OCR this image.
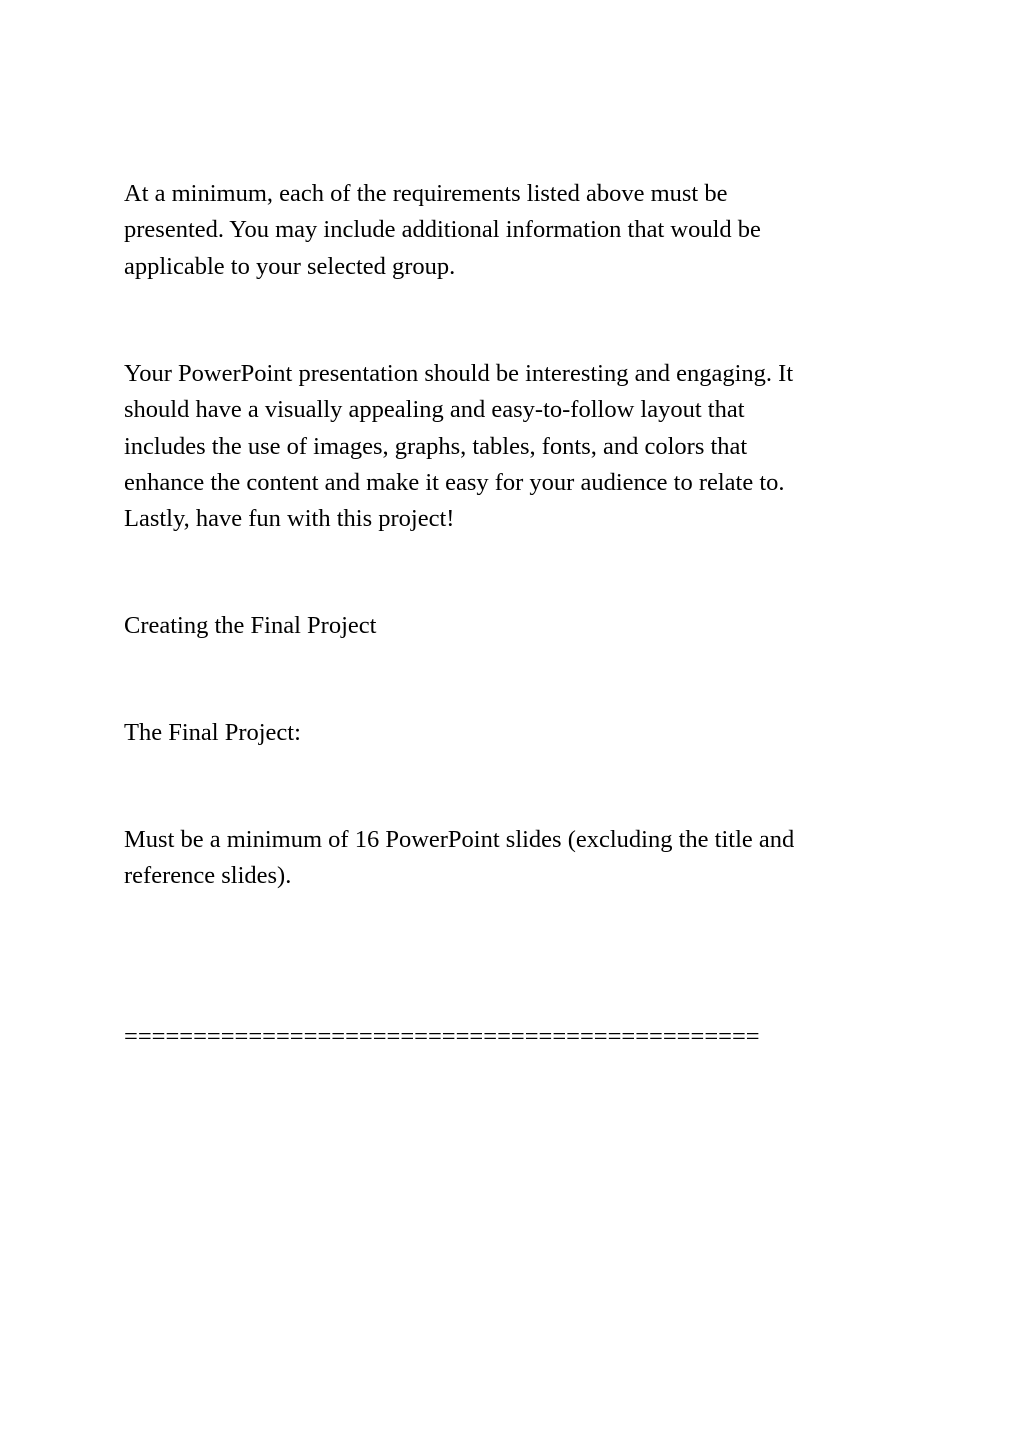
At a minimum, each of the requirements listed above must be
presented. You may include additional information that would be
applicable to your selected group.

Your PowerPoint presentation should be interesting and engaging. It
should have a visually appealing and easy-to-follow layout that
includes the use of images, graphs, tables, fonts, and colors that
enhance the content and make it easy for your audience to relate to.
Lastly, have fun with this project!

Creating the Final Project

The Final Project:

Must be a minimum of 16 PowerPoint slides (excluding the title and
reference slides).

==============================================
